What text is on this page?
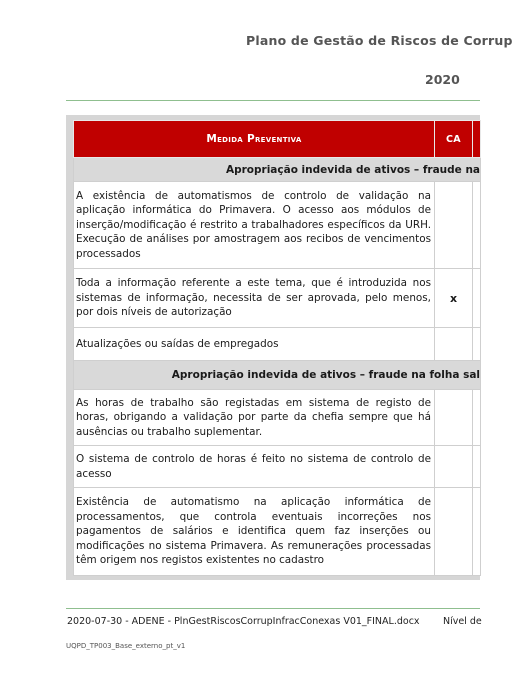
Plano de Gestão de Riscos de Corrup
2020
Medida Preventiva	CA	
Apropriação indevida de ativos – fraude na		
A existência de automatismos de controlo de validação na aplicação informática do Primavera. O acesso aos módulos de inserção/modificação é restrito a trabalhadores específicos da URH. Execução de análises por amostragem aos recibos de vencimentos processados		
Toda a informação referente a este tema, que é introduzida nos sistemas de informação, necessita de ser aprovada, pelo menos, por dois níveis de autorização	x	
Atualizações ou saídas de empregados		
Apropriação indevida de ativos – fraude na folha sal		
As horas de trabalho são registadas em sistema de registo de horas, obrigando a validação por parte da chefia sempre que há ausências ou trabalho suplementar.		
O sistema de controlo de horas é feito no sistema de controlo de acesso		
Existência de automatismo na aplicação informática de processamentos, que controla eventuais incorreções nos pagamentos de salários e identifica quem faz inserções ou modificações no sistema Primavera. As remunerações processadas têm origem nos registos existentes no cadastro		
2020-07-30 - ADENE - PlnGestRiscosCorrupInfracConexas V01_FINAL.docx Nível de
UQPD_TP003_Base_externo_pt_v1
